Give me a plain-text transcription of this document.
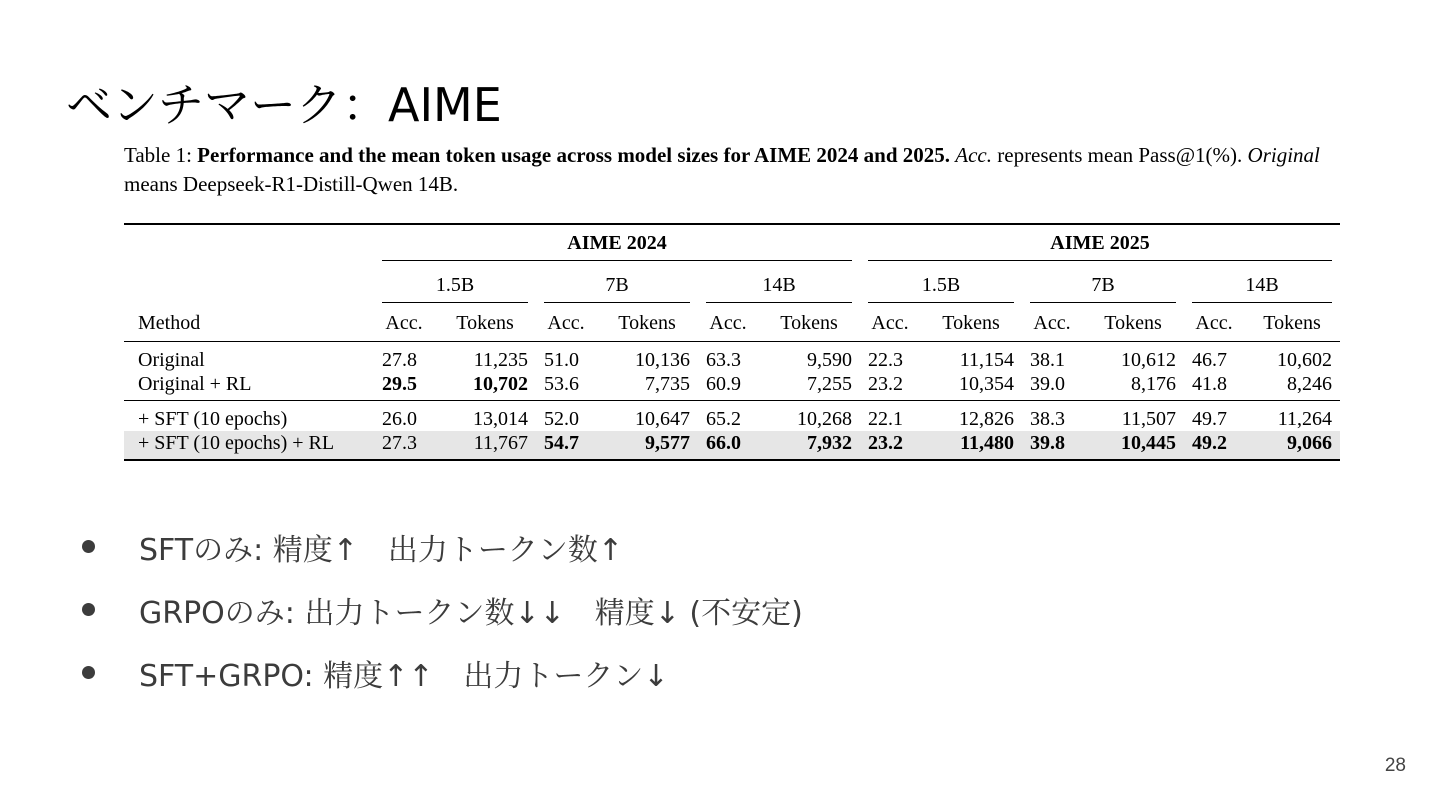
ベンチマーク：AIME
Table 1: Performance and the mean token usage across model sizes for AIME 2024 and 2025. Acc. represents mean Pass@1(%). Original means Deepseek-R1-Distill-Qwen 14B.

	AIME 2024						AIME 2025					

	1.5B		7B		14B		1.5B		7B		14B	

Method	Acc.	Tokens	Acc.	Tokens	Acc.	Tokens	Acc.	Tokens	Acc.	Tokens	Acc.	Tokens
Original	27.8	11,235	51.0	10,136	63.3	9,590	22.3	11,154	38.1	10,612	46.7	10,602
Original + RL	29.5	10,702	53.6	7,735	60.9	7,255	23.2	10,354	39.0	8,176	41.8	8,246
+ SFT (10 epochs)	26.0	13,014	52.0	10,647	65.2	10,268	22.1	12,826	38.3	11,507	49.7	11,264
+ SFT (10 epochs) + RL	27.3	11,767	54.7	9,577	66.0	7,932	23.2	11,480	39.8	10,445	49.2	9,066
SFTのみ: 精度↑　出力トークン数↑
GRPOのみ: 出力トークン数↓↓　精度↓ (不安定)
SFT+GRPO: 精度↑↑　出力トークン↓
28
